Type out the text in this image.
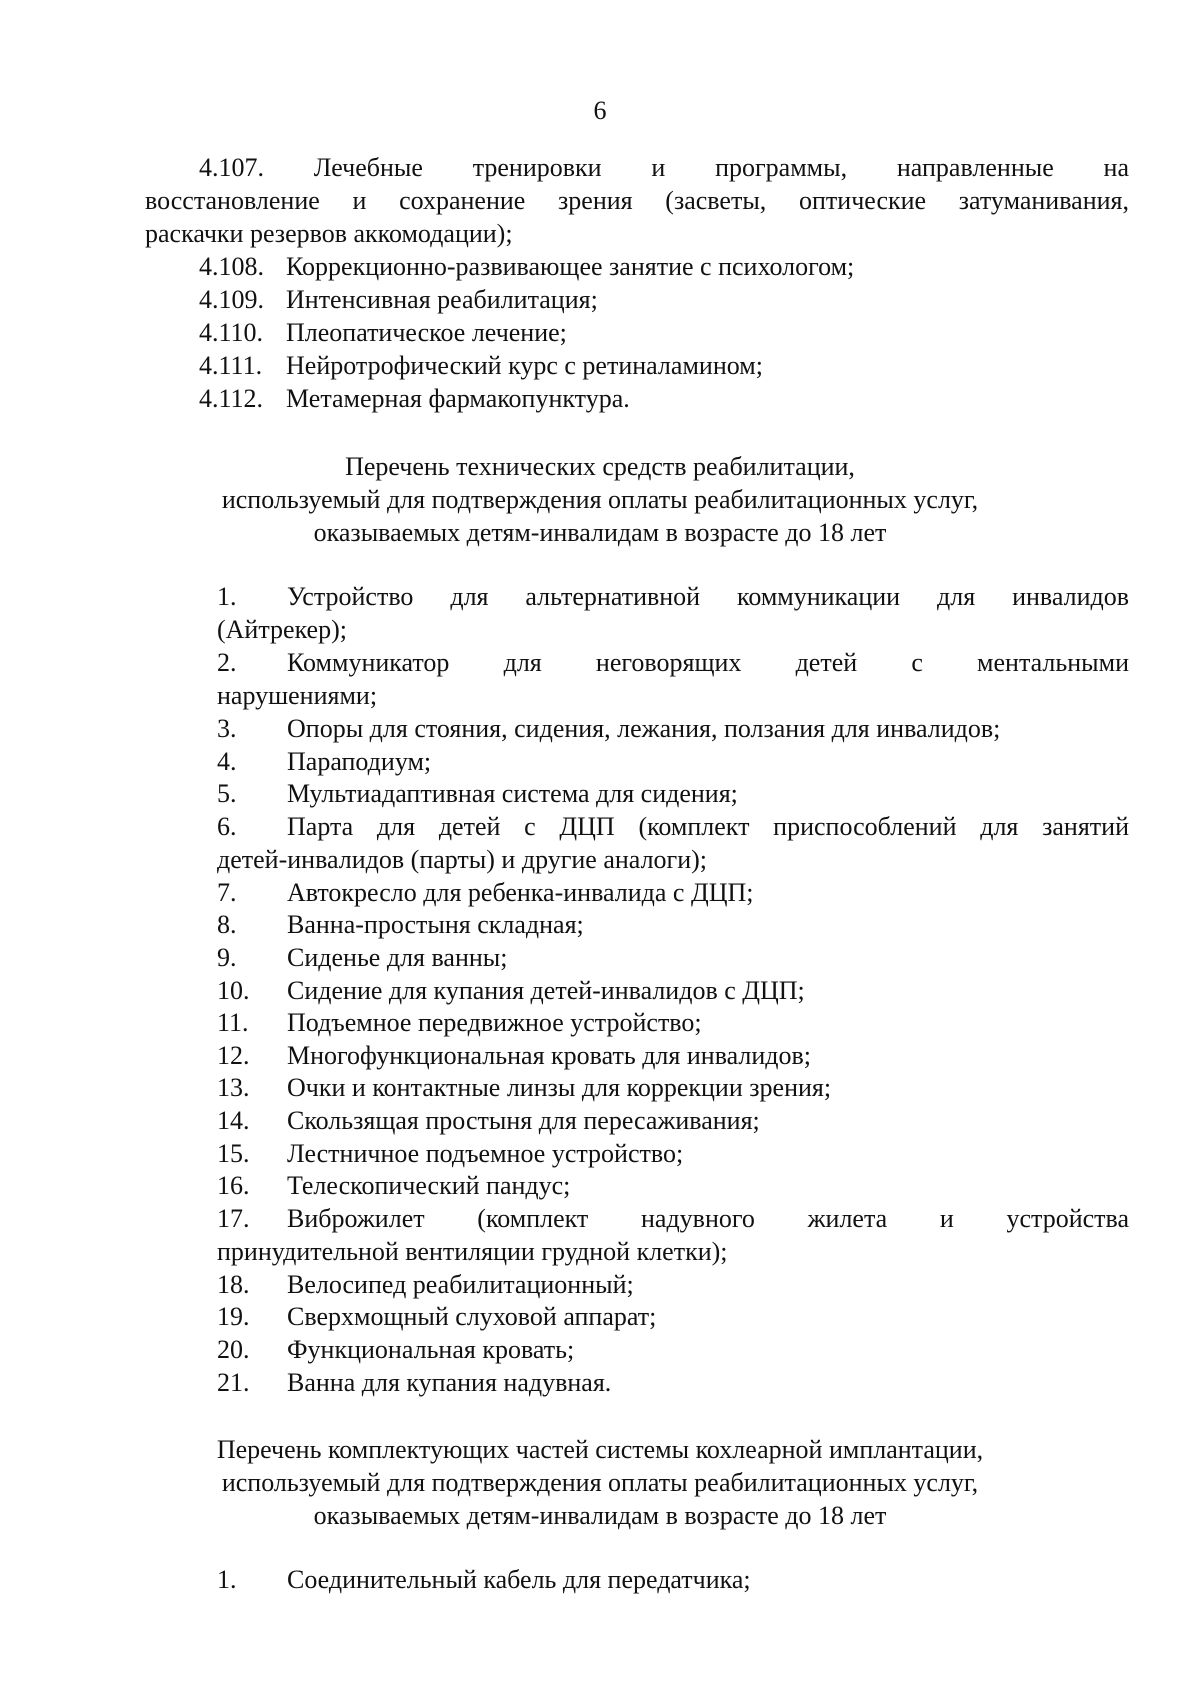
6
4.107. Лечебные тренировки и программы, направленные на
восстановление и сохранение зрения (засветы, оптические затуманивания,
раскачки резервов аккомодации);
4.108. Коррекционно-развивающее занятие с психологом;
4.109. Интенсивная реабилитация;
4.110. Плеопатическое лечение;
4.111. Нейротрофический курс с ретиналамином;
4.112. Метамерная фармакопунктура.
Перечень технических средств реабилитации,
используемый для подтверждения оплаты реабилитационных услуг,
оказываемых детям-инвалидам в возрасте до 18 лет
1. Устройство для альтернативной коммуникации для инвалидов
(Айтрекер);
2. Коммуникатор для неговорящих детей с ментальными
нарушениями;
3. Опоры для стояния, сидения, лежания, ползания для инвалидов;
4. Параподиум;
5. Мультиадаптивная система для сидения;
6. Парта для детей с ДЦП (комплект приспособлений для занятий
детей-инвалидов (парты) и другие аналоги);
7. Автокресло для ребенка-инвалида с ДЦП;
8. Ванна-простыня складная;
9. Сиденье для ванны;
10. Сидение для купания детей-инвалидов с ДЦП;
11. Подъемное передвижное устройство;
12. Многофункциональная кровать для инвалидов;
13. Очки и контактные линзы для коррекции зрения;
14. Скользящая простыня для пересаживания;
15. Лестничное подъемное устройство;
16. Телескопический пандус;
17. Виброжилет (комплект надувного жилета и устройства
принудительной вентиляции грудной клетки);
18. Велосипед реабилитационный;
19. Сверхмощный слуховой аппарат;
20. Функциональная кровать;
21. Ванна для купания надувная.
Перечень комплектующих частей системы кохлеарной имплантации,
используемый для подтверждения оплаты реабилитационных услуг,
оказываемых детям-инвалидам в возрасте до 18 лет
1. Соединительный кабель для передатчика;
